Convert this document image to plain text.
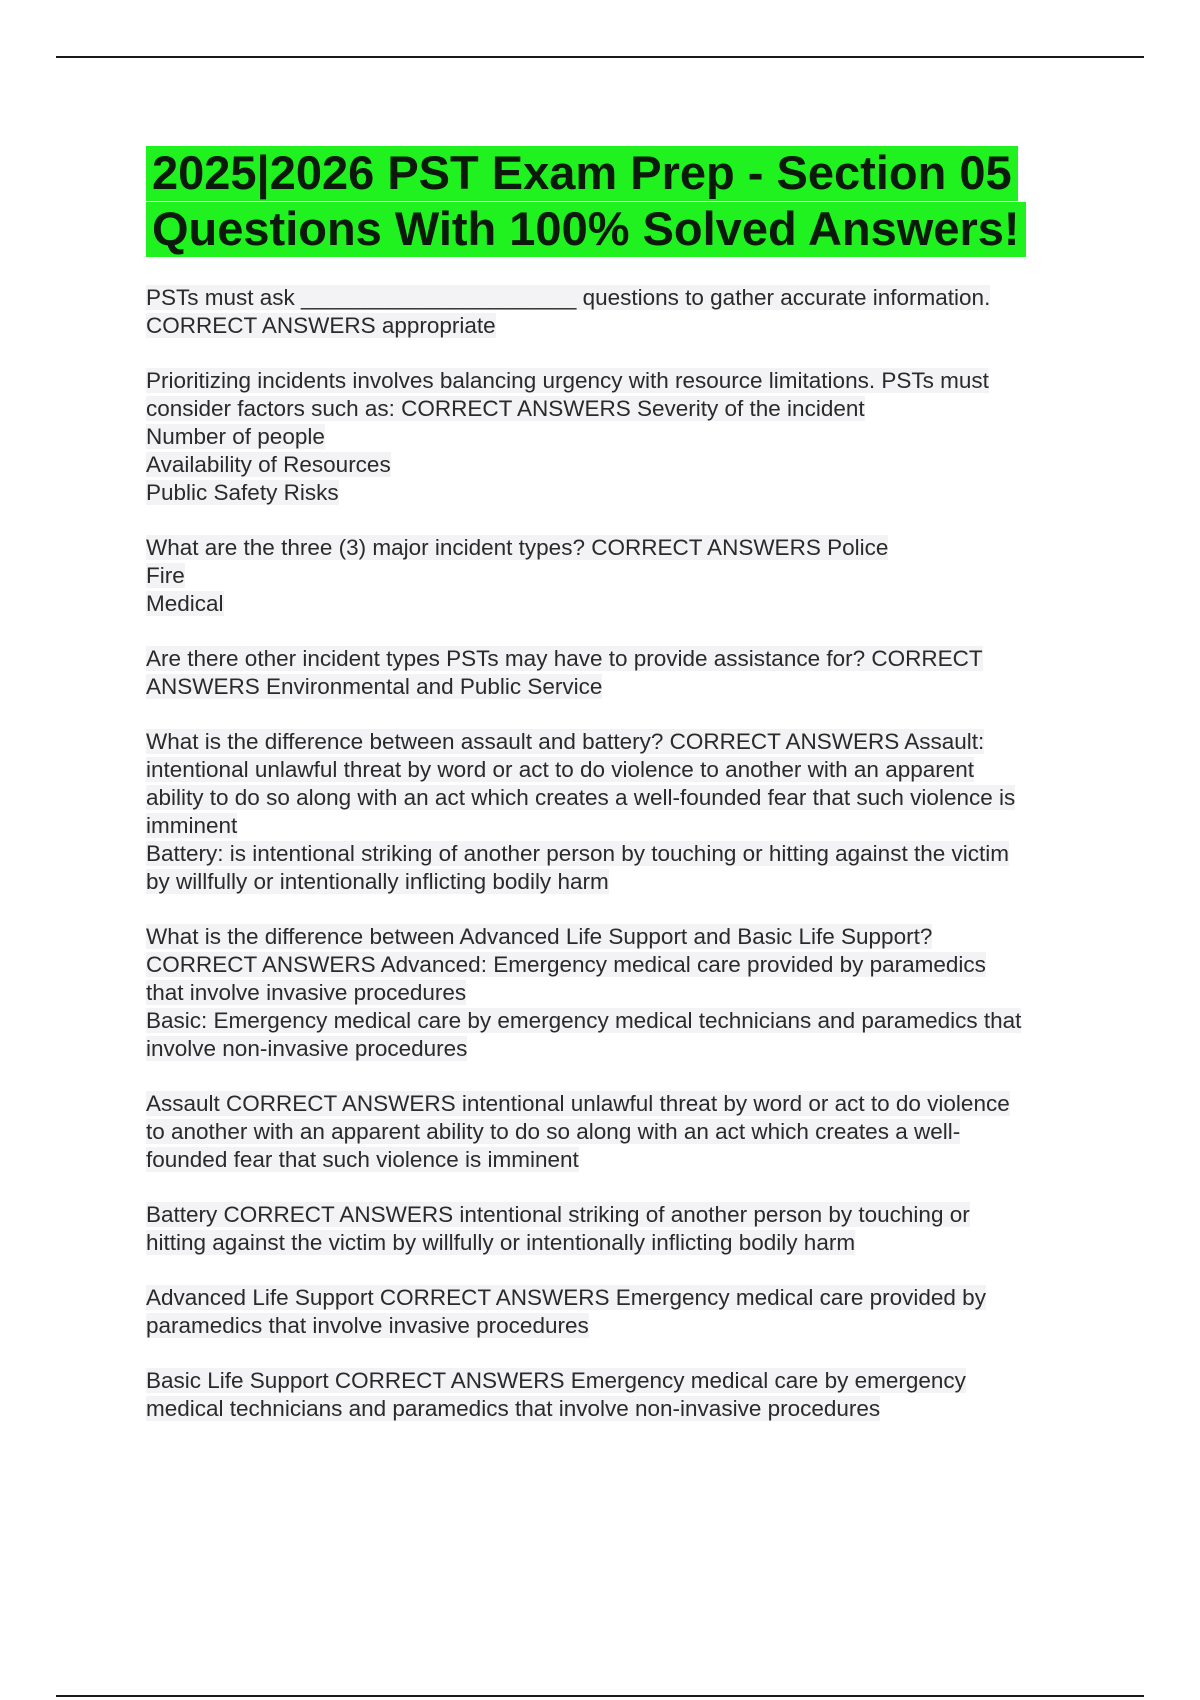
2025|2026 PST Exam Prep - Section 05
Questions With 100% Solved Answers!
PSTs must ask ______________________ questions to gather accurate information.
CORRECT ANSWERS appropriate
Prioritizing incidents involves balancing urgency with resource limitations. PSTs must
consider factors such as: CORRECT ANSWERS Severity of the incident
Number of people
Availability of Resources
Public Safety Risks
What are the three (3) major incident types? CORRECT ANSWERS Police
Fire
Medical
Are there other incident types PSTs may have to provide assistance for? CORRECT
ANSWERS Environmental and Public Service
What is the difference between assault and battery? CORRECT ANSWERS Assault:
intentional unlawful threat by word or act to do violence to another with an apparent
ability to do so along with an act which creates a well-founded fear that such violence is
imminent
Battery: is intentional striking of another person by touching or hitting against the victim
by willfully or intentionally inflicting bodily harm
What is the difference between Advanced Life Support and Basic Life Support?
CORRECT ANSWERS Advanced: Emergency medical care provided by paramedics
that involve invasive procedures
Basic: Emergency medical care by emergency medical technicians and paramedics that
involve non-invasive procedures
Assault CORRECT ANSWERS intentional unlawful threat by word or act to do violence
to another with an apparent ability to do so along with an act which creates a well-
founded fear that such violence is imminent
Battery CORRECT ANSWERS intentional striking of another person by touching or
hitting against the victim by willfully or intentionally inflicting bodily harm
Advanced Life Support CORRECT ANSWERS Emergency medical care provided by
paramedics that involve invasive procedures
Basic Life Support CORRECT ANSWERS Emergency medical care by emergency
medical technicians and paramedics that involve non-invasive procedures
